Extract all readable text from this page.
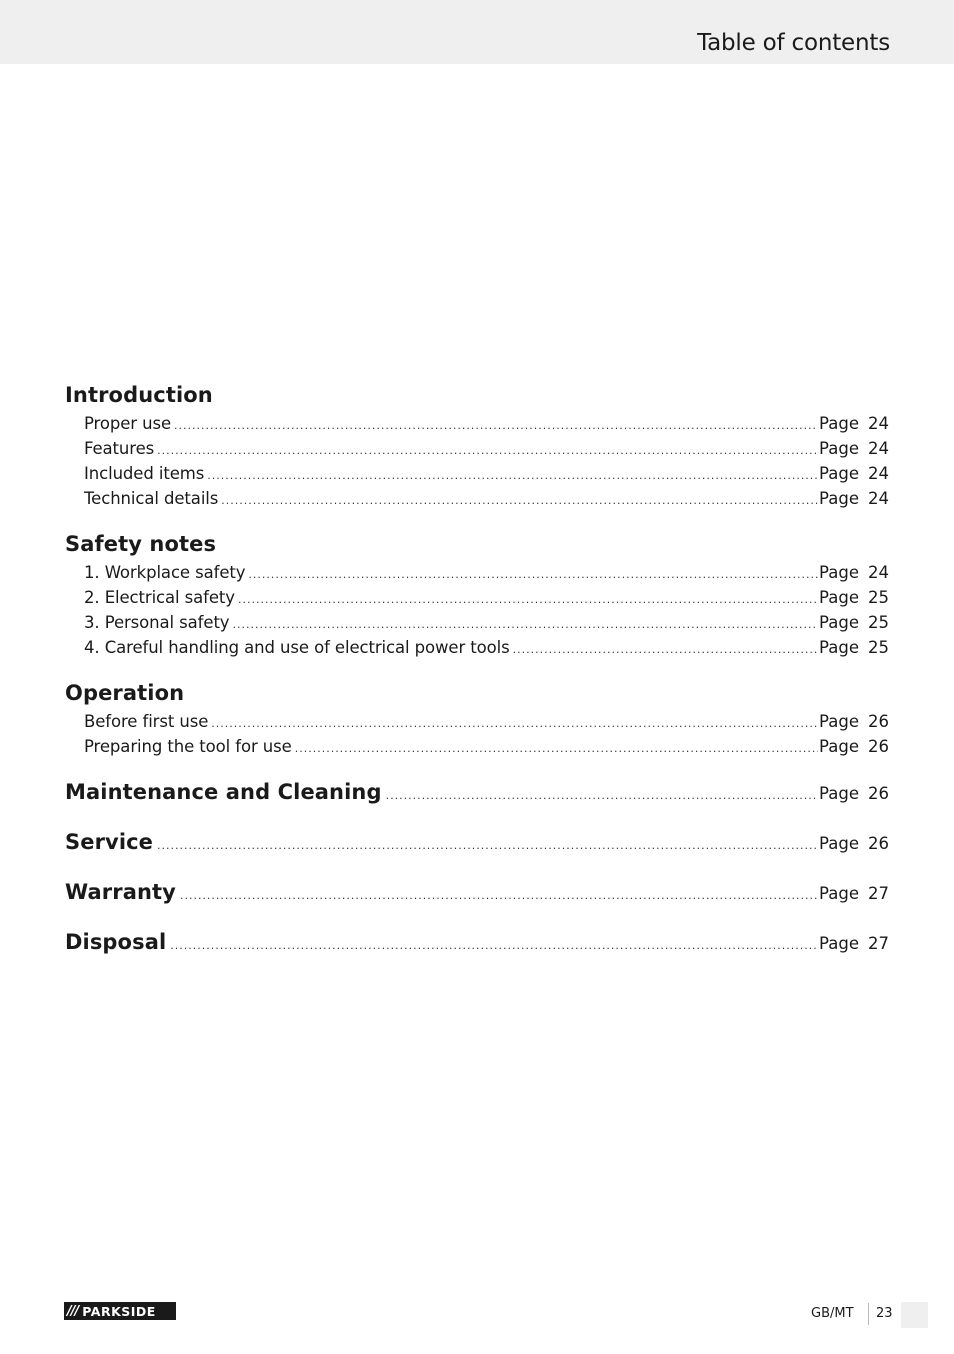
Table of contents
Introduction
Proper use .....	Page 24
Features .....	Page 24
Included items .....	Page 24
Technical details .....	Page 24
Safety notes
1. Workplace safety .....	Page 24
2. Electrical safety .....	Page 25
3. Personal safety .....	Page 25
4. Careful handling and use of electrical power tools .....	Page 25
Operation
Before first use .....	Page 26
Preparing the tool for use .....	Page 26
Maintenance and Cleaning .....	Page 26
Service .....	Page 26
Warranty .....	Page 27
Disposal .....	Page 27
/// PARKSIDE	GB/MT 23
